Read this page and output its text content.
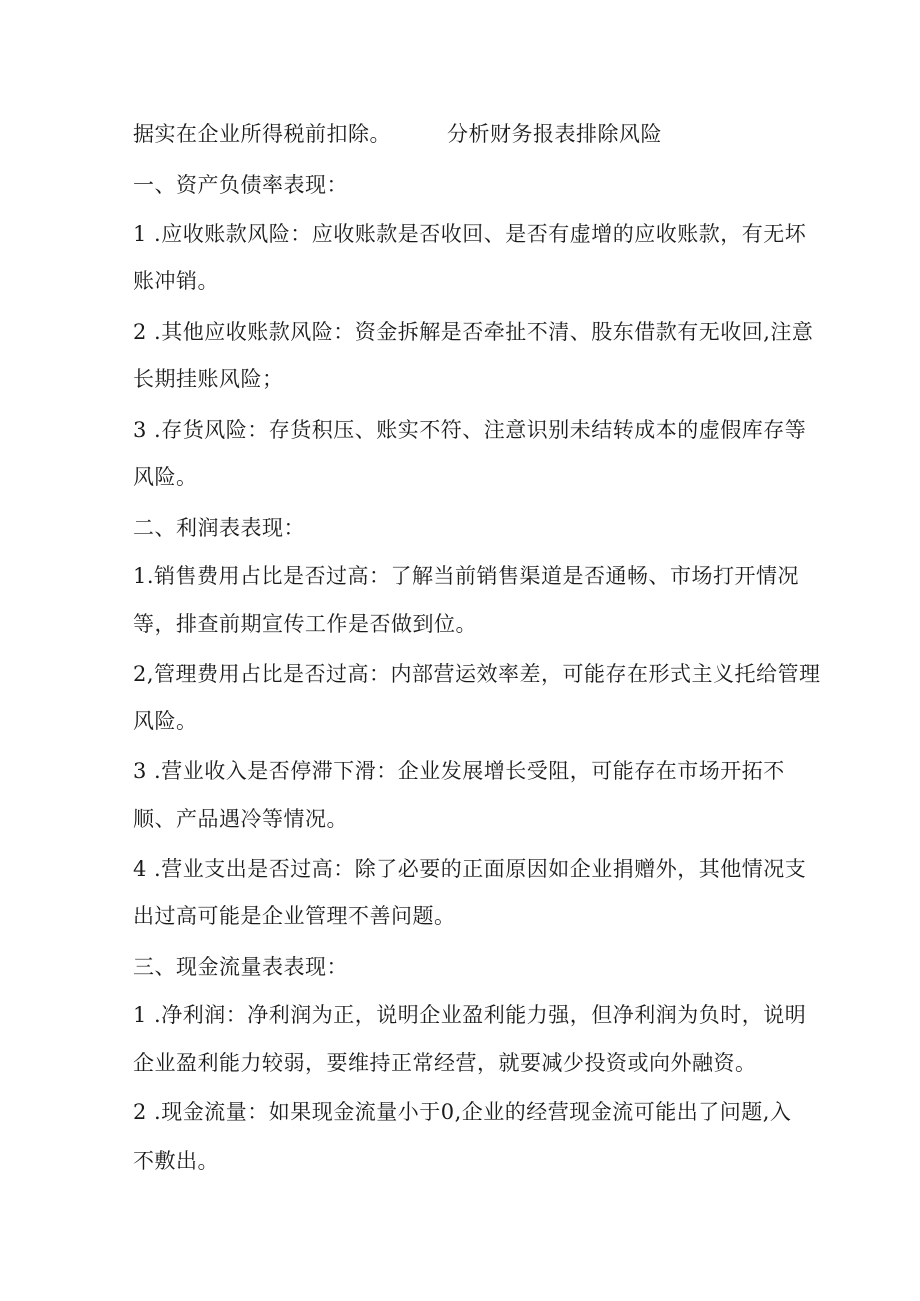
据实在企业所得税前扣除。	分析财务报表排除风险
一、资产负债率表现：
1 .应收账款风险：应收账款是否收回、是否有虚增的应收账款，有无坏
账冲销。
2 .其他应收账款风险：资金拆解是否牵扯不清、股东借款有无收回,注意
长期挂账风险；
3 .存货风险：存货积压、账实不符、注意识别未结转成本的虚假库存等
风险。
二、利润表表现：
1.销售费用占比是否过高：了解当前销售渠道是否通畅、市场打开情况
等，排查前期宣传工作是否做到位。
2,管理费用占比是否过高：内部营运效率差，可能存在形式主义托给管理
风险。
3 .营业收入是否停滞下滑：企业发展增长受阻，可能存在市场开拓不
顺、产品遇冷等情况。
4 .营业支出是否过高：除了必要的正面原因如企业捐赠外，其他情况支
出过高可能是企业管理不善问题。
三、现金流量表表现：
1 .净利润：净利润为正，说明企业盈利能力强，但净利润为负时，说明
企业盈利能力较弱，要维持正常经营，就要减少投资或向外融资。
2 .现金流量：如果现金流量小于0,企业的经营现金流可能出了问题,入
不敷出。
